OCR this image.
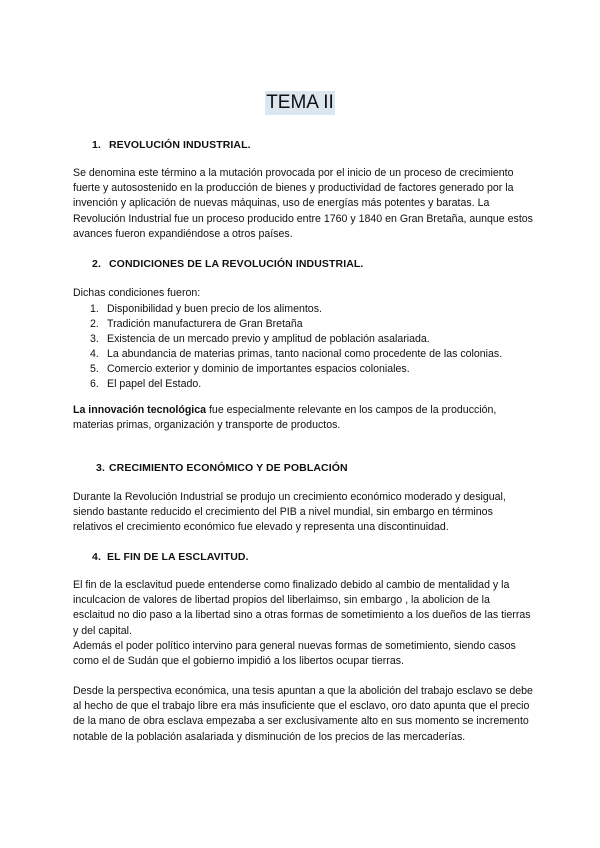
TEMA II
1. REVOLUCIÓN INDUSTRIAL.

Se denomina este término a la mutación provocada por el inicio de un proceso de crecimiento fuerte y autosostenido en la producción de bienes y productividad de factores generado por la invención y aplicación de nuevas máquinas, uso de energías más potentes y baratas. La Revolución Industrial fue un proceso producido entre 1760 y 1840 en Gran Bretaña, aunque estos avances fueron expandiéndose a otros países.

2. CONDICIONES DE LA REVOLUCIÓN INDUSTRIAL.

Dichas condiciones fueron:

1. Disponibilidad y buen precio de los alimentos.
2. Tradición manufacturera de Gran Bretaña
3. Existencia de un mercado previo y amplitud de población asalariada.
4. La abundancia de materias primas, tanto nacional como procedente de las colonias.
5. Comercio exterior y dominio de importantes espacios coloniales.
6. El papel del Estado.

La innovación tecnológica fue especialmente relevante en los campos de la producción, materias primas, organización y transporte de productos.

3. CRECIMIENTO ECONÓMICO Y DE POBLACIÓN

Durante la Revolución Industrial se produjo un crecimiento económico moderado y desigual, siendo bastante reducido el crecimiento del PIB a nivel mundial, sin embargo en términos relativos el crecimiento económico fue elevado y representa una discontinuidad.

4. EL FIN DE LA ESCLAVITUD.

El fin de la esclavitud puede entenderse como finalizado debido al cambio de mentalidad y la inculcacion de valores de libertad propios del liberlaimso, sin embargo , la abolicion de la esclaitud no dio paso a la libertad sino a otras formas de sometimiento a los dueños de las tierras y del capital.

Además el poder político intervino para general nuevas formas de sometimiento, siendo casos como el de Sudán que el gobierno impidió a los libertos ocupar tierras.

Desde la perspectiva económica, una tesis apuntan a que la abolición del trabajo esclavo se debe al hecho de que el trabajo libre era más insuficiente que el esclavo, oro dato apunta que el precio de la mano de obra esclava empezaba a ser exclusivamente alto en sus momento se incremento notable de la población asalariada y disminución de los precios de las mercaderías.
